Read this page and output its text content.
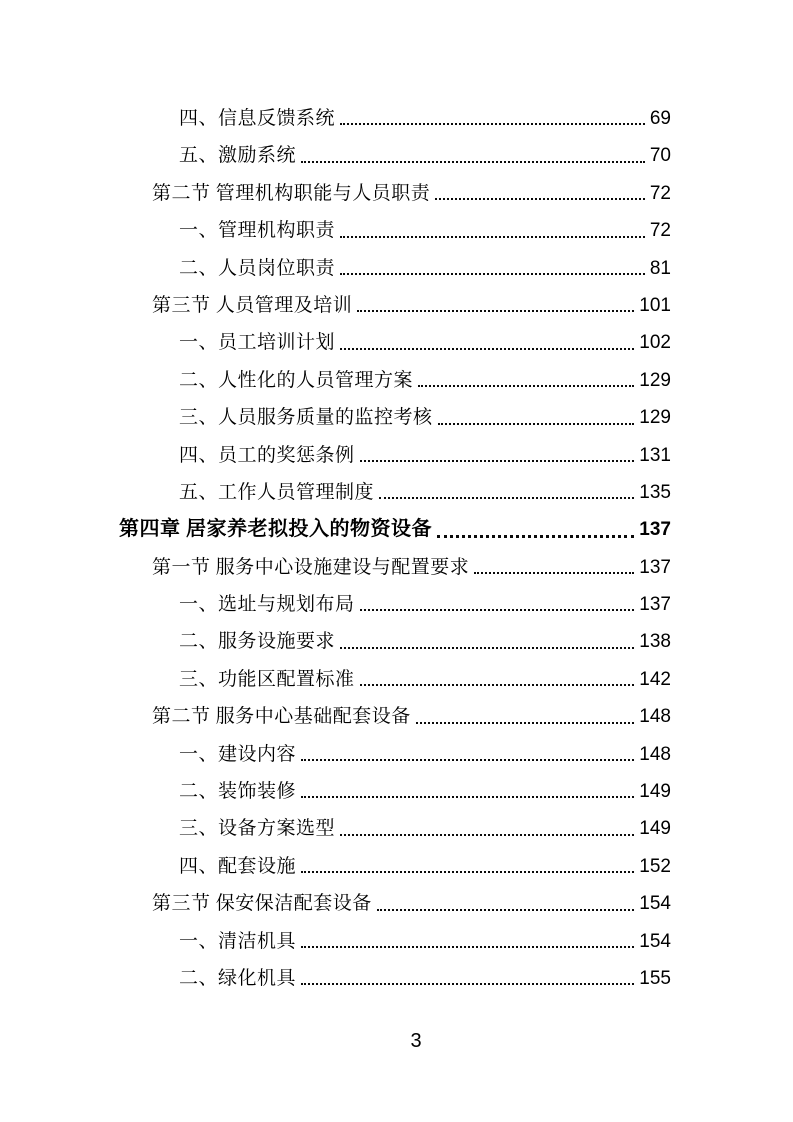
四、信息反馈系统	69
五、激励系统	70
第二节 管理机构职能与人员职责	72
一、管理机构职责	72
二、人员岗位职责	81
第三节 人员管理及培训	101
一、员工培训计划	102
二、人性化的人员管理方案	129
三、人员服务质量的监控考核	129
四、员工的奖惩条例	131
五、工作人员管理制度	135
第四章 居家养老拟投入的物资设备	137
第一节 服务中心设施建设与配置要求	137
一、选址与规划布局	137
二、服务设施要求	138
三、功能区配置标准	142
第二节 服务中心基础配套设备	148
一、建设内容	148
二、装饰装修	149
三、设备方案选型	149
四、配套设施	152
第三节 保安保洁配套设备	154
一、清洁机具	154
二、绿化机具	155
3
